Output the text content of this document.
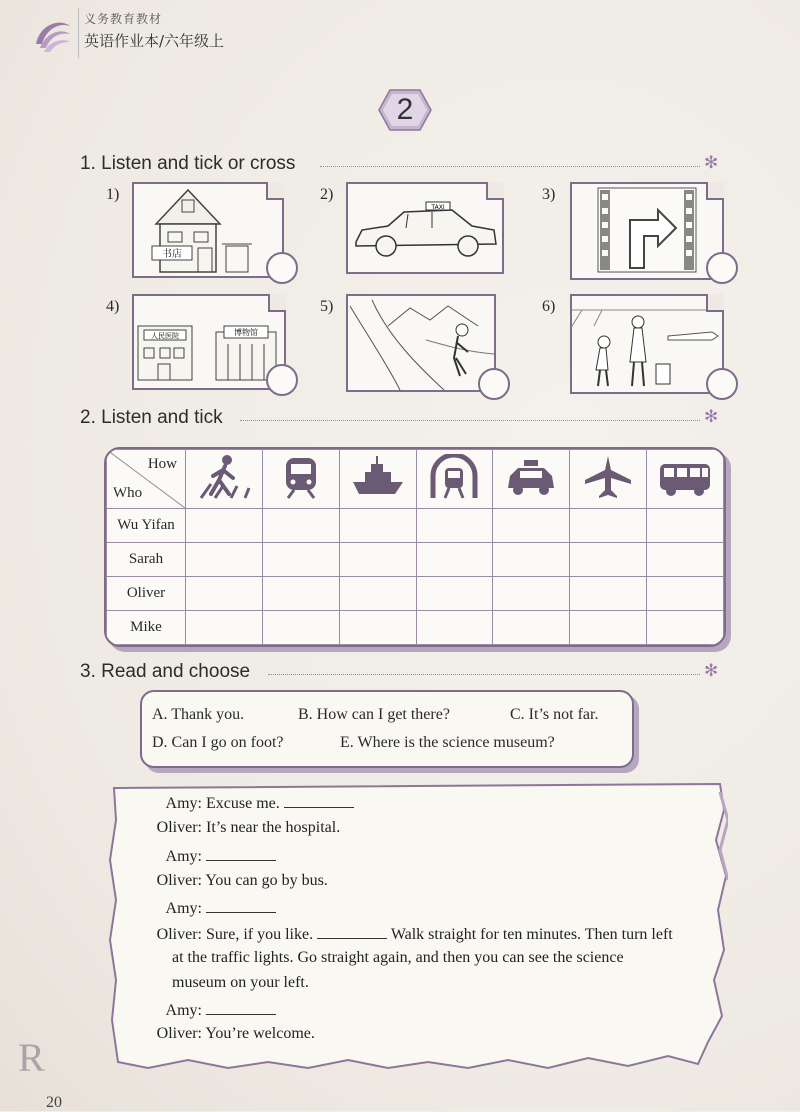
义务教育教材
英语作业本/六年级上
2
1. Listen and tick or cross	✻
1)
书店
2)
TAXI
3)
4)
人民医院	博物馆
5)	6)
2. Listen and tick	✻
How
Who

Wu Yifan							
Sarah							
Oliver							
Mike							
3. Read and choose	✻
A. Thank you.	B. How can I get there?	C. It’s not far.
D. Can I go on foot?	E. Where is the science museum?
Amy: Excuse me.
Oliver: It’s near the hospital.
Amy:
Oliver: You can go by bus.
Amy:
Oliver: Sure, if you like.	Walk straight for ten minutes. Then turn left
at the traffic lights. Go straight again, and then you can see the science
museum on your left.
Amy:
Oliver: You’re welcome.
R
20
